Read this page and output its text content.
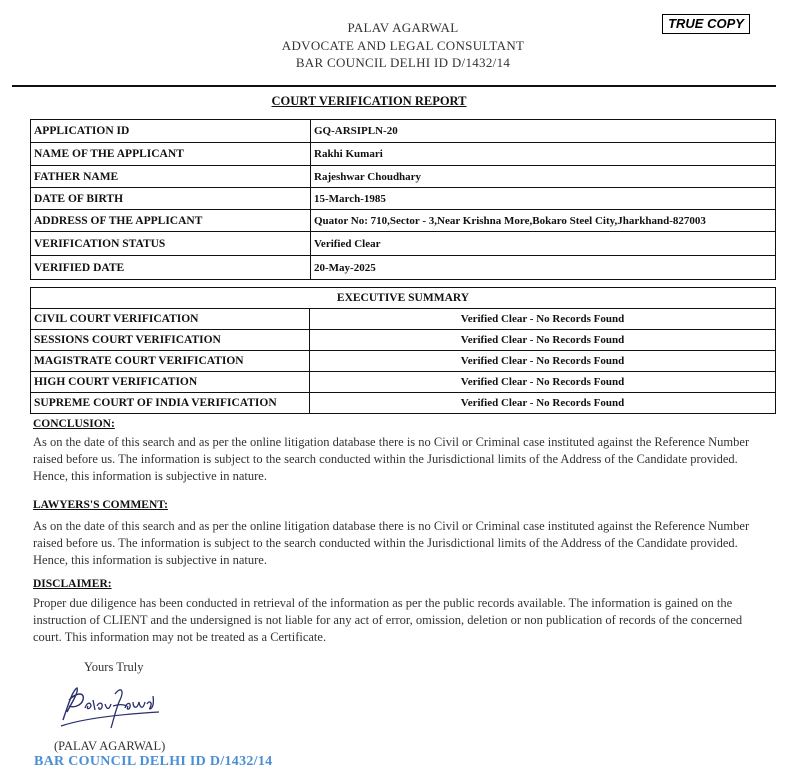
PALAV AGARWAL
ADVOCATE AND LEGAL CONSULTANT
BAR COUNCIL DELHI ID D/1432/14
TRUE COPY
COURT VERIFICATION REPORT
APPLICATION ID	GQ-ARSIPLN-20
NAME OF THE APPLICANT	Rakhi Kumari
FATHER NAME	Rajeshwar Choudhary
DATE OF BIRTH	15-March-1985
ADDRESS OF THE APPLICANT	Quator No: 710,Sector - 3,Near Krishna More,Bokaro Steel City,Jharkhand-827003
VERIFICATION STATUS	Verified Clear
VERIFIED DATE	20-May-2025
EXECUTIVE SUMMARY	
CIVIL COURT VERIFICATION	Verified Clear - No Records Found
SESSIONS COURT VERIFICATION	Verified Clear - No Records Found
MAGISTRATE COURT VERIFICATION	Verified Clear - No Records Found
HIGH COURT VERIFICATION	Verified Clear - No Records Found
SUPREME COURT OF INDIA VERIFICATION	Verified Clear - No Records Found
CONCLUSION:
As on the date of this search and as per the online litigation database there is no Civil or Criminal case instituted against the Reference Number raised before us. The information is subject to the search conducted within the Jurisdictional limits of the Address of the Candidate provided. Hence, this information is subjective in nature.
LAWYERS'S COMMENT:
As on the date of this search and as per the online litigation database there is no Civil or Criminal case instituted against the Reference Number raised before us. The information is subject to the search conducted within the Jurisdictional limits of the Address of the Candidate provided. Hence, this information is subjective in nature.
DISCLAIMER:
Proper due diligence has been conducted in retrieval of the information as per the public records available. The information is gained on the instruction of CLIENT and the undersigned is not liable for any act of error, omission, deletion or non publication of records of the concerned court. This information may not be treated as a Certificate.
Yours Truly
(PALAV AGARWAL)
BAR COUNCIL DELHI ID D/1432/14
